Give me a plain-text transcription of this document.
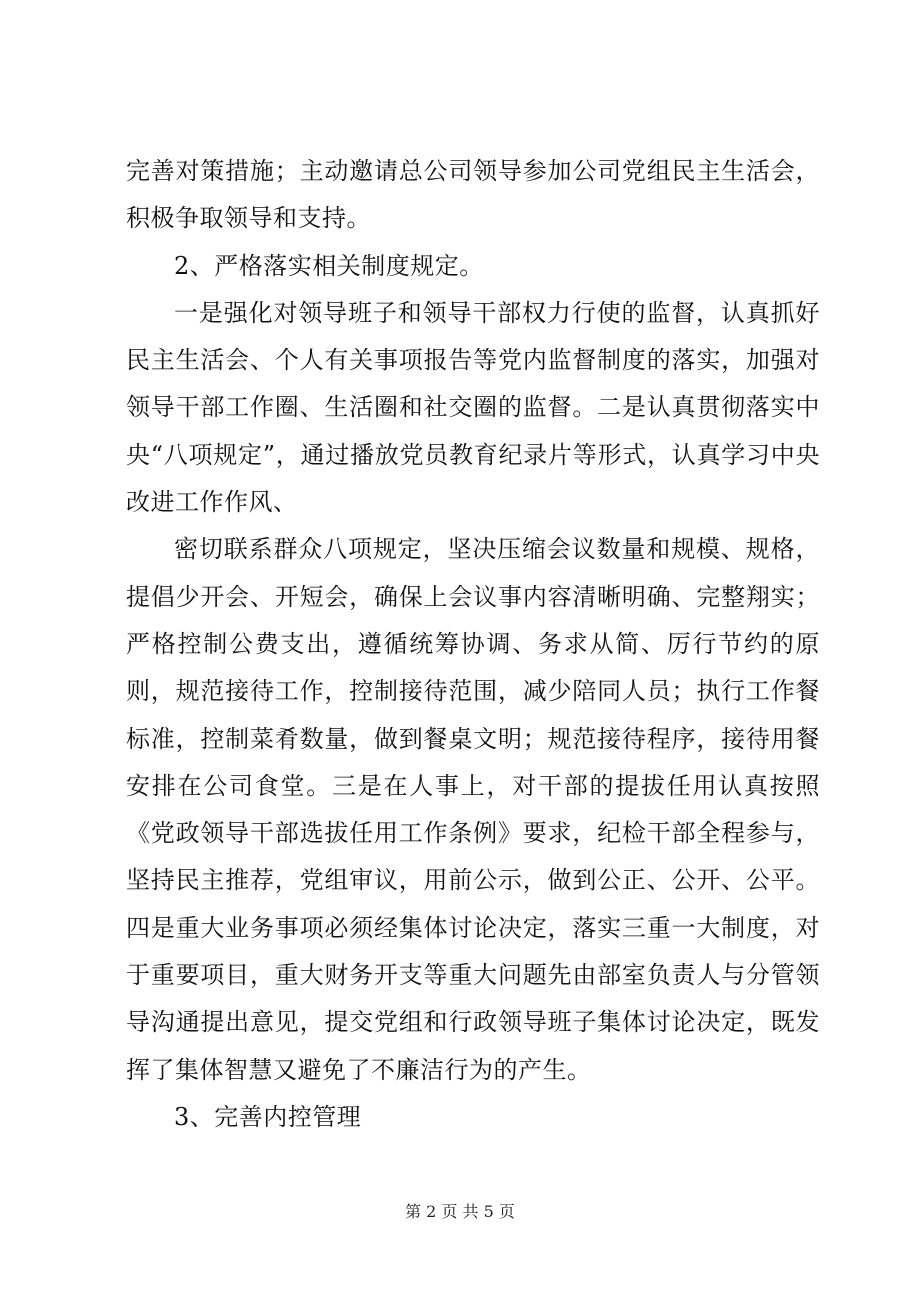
完善对策措施；主动邀请总公司领导参加公司党组民主生活会，积极争取领导和支持。

2、严格落实相关制度规定。

一是强化对领导班子和领导干部权力行使的监督，认真抓好民主生活会、个人有关事项报告等党内监督制度的落实，加强对领导干部工作圈、生活圈和社交圈的监督。二是认真贯彻落实中央“八项规定”，通过播放党员教育纪录片等形式，认真学习中央改进工作作风、

密切联系群众八项规定，坚决压缩会议数量和规模、规格，提倡少开会、开短会，确保上会议事内容清晰明确、完整翔实；严格控制公费支出，遵循统筹协调、务求从简、厉行节约的原则，规范接待工作，控制接待范围，减少陪同人员；执行工作餐标准，控制菜肴数量，做到餐桌文明；规范接待程序，接待用餐安排在公司食堂。三是在人事上，对干部的提拔任用认真按照《党政领导干部选拔任用工作条例》要求，纪检干部全程参与，坚持民主推荐，党组审议，用前公示，做到公正、公开、公平。四是重大业务事项必须经集体讨论决定，落实三重一大制度，对于重要项目，重大财务开支等重大问题先由部室负责人与分管领导沟通提出意见，提交党组和行政领导班子集体讨论决定，既发挥了集体智慧又避免了不廉洁行为的产生。

3、完善内控管理

第 2 页 共 5 页
